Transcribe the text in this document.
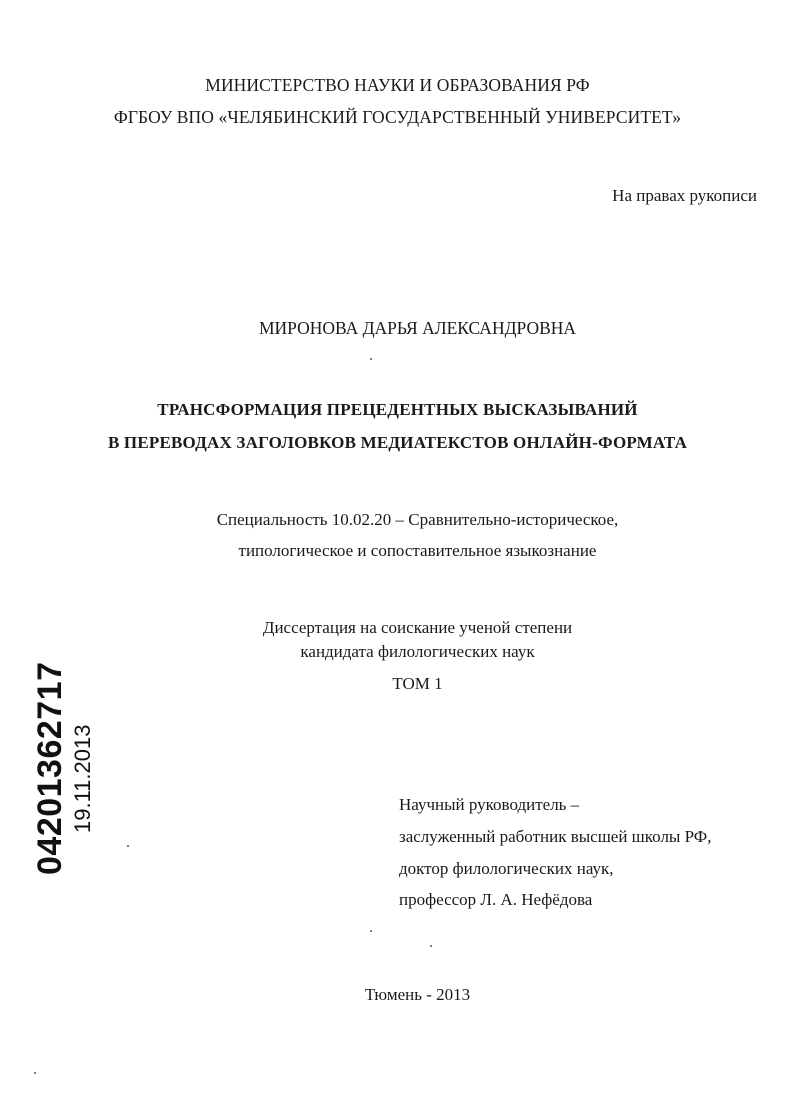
МИНИСТЕРСТВО НАУКИ И ОБРАЗОВАНИЯ РФ
ФГБОУ ВПО «ЧЕЛЯБИНСКИЙ ГОСУДАРСТВЕННЫЙ УНИВЕРСИТЕТ»
На правах рукописи
МИРОНОВА ДАРЬЯ АЛЕКСАНДРОВНА
ТРАНСФОРМАЦИЯ ПРЕЦЕДЕНТНЫХ ВЫСКАЗЫВАНИЙ
В ПЕРЕВОДАХ ЗАГОЛОВКОВ МЕДИАТЕКСТОВ ОНЛАЙН-ФОРМАТА
Специальность 10.02.20 – Сравнительно-историческое,
типологическое и сопоставительное языкознание
Диссертация на соискание ученой степени
кандидата филологических наук
ТОМ 1
Научный руководитель –
заслуженный работник высшей школы РФ,
доктор филологических наук,
профессор Л. А. Нефёдова
Тюмень - 2013
04201362717 19.11.2013
